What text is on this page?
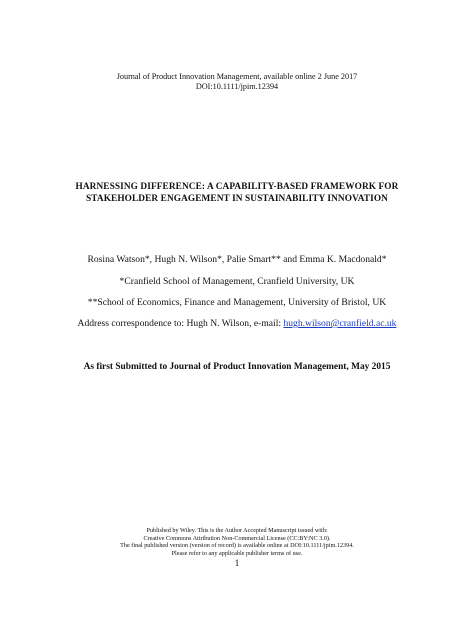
Journal of Product Innovation Management, available online 2 June 2017
DOI:10.1111/jpim.12394
HARNESSING DIFFERENCE: A CAPABILITY-BASED FRAMEWORK FOR
STAKEHOLDER ENGAGEMENT IN SUSTAINABILITY INNOVATION
Rosina Watson*, Hugh N. Wilson*, Palie Smart** and Emma K. Macdonald*
*Cranfield School of Management, Cranfield University, UK
**School of Economics, Finance and Management, University of Bristol, UK
Address correspondence to: Hugh N. Wilson, e-mail: hugh.wilson@cranfield.ac.uk
As first Submitted to Journal of Product Innovation Management, May 2015
Published by Wiley. This is the Author Accepted Manuscript issued with:
Creative Commons Attribution Non-Commercial License (CC:BY:NC 3.0).
The final published version (version of record) is available online at DOI:10.1111/jpim.12394.
Please refer to any applicable publisher terms of use.
1
